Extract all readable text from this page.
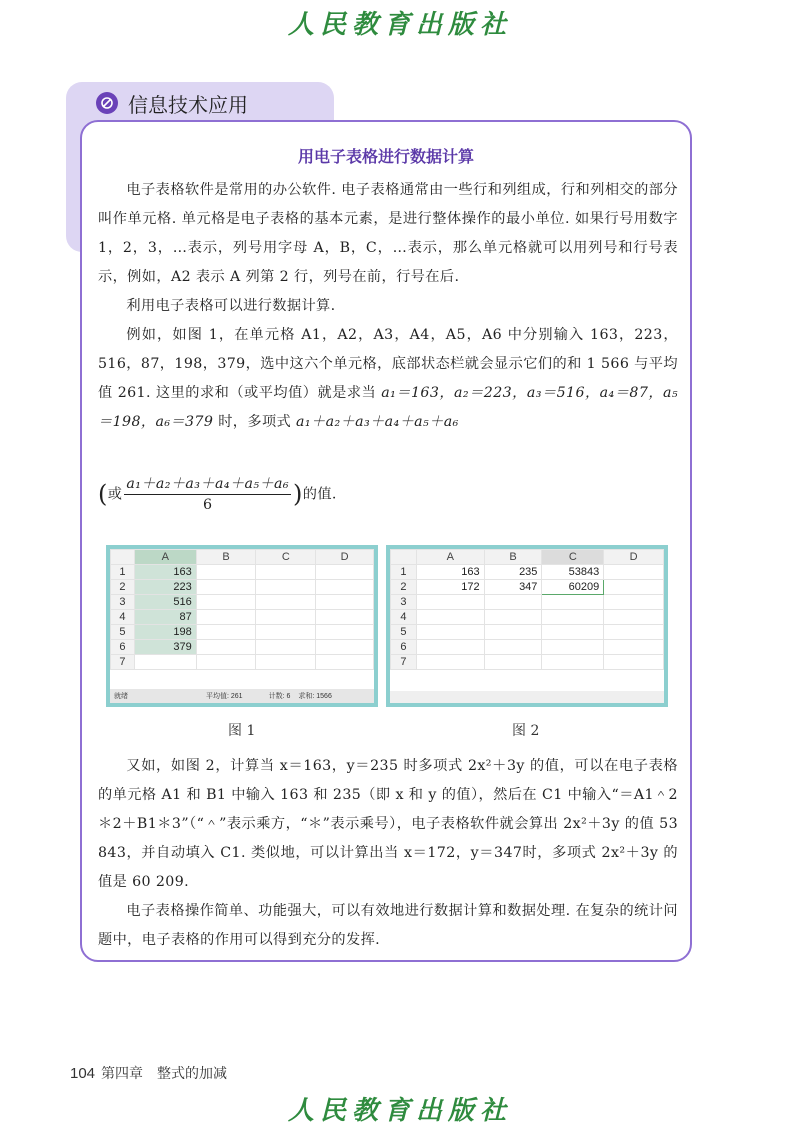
人民教育出版社
信息技术应用
用电子表格进行数据计算

电子表格软件是常用的办公软件. 电子表格通常由一些行和列组成，行和列相交的部分叫作单元格. 单元格是电子表格的基本元素，是进行整体操作的最小单位. 如果行号用数字 1，2，3，…表示，列号用字母 A，B，C，…表示，那么单元格就可以用列号和行号表示，例如，A2 表示 A 列第 2 行，列号在前，行号在后.

利用电子表格可以进行数据计算.

例如，如图 1，在单元格 A1，A2，A3，A4，A5，A6 中分别输入 163，223，516，87，198，379，选中这六个单元格，底部状态栏就会显示它们的和 1 566 与平均值 261. 这里的求和（或平均值）就是求当 a₁＝163，a₂＝223，a₃＝516，a₄＝87，a₅＝198，a₆＝379 时，多项式 a₁＋a₂＋a₃＋a₄＋a₅＋a₆

(或 $\frac{\text{a₁＋a₂＋a₃＋a₄＋a₅＋a₆}}{6}$ )的值.
	A	B	C	D
1	163			
2	223			
3	516			
4	87			
5	198			
6	379			
7				
就绪	平均值: 261	计数: 6 求和: 1566
图 1
	A	B	C	D
1	163	235	53843	
2	172	347	60209	
3				
4				
5				
6				
7				
图 2

又如，如图 2，计算当 x＝163，y＝235 时多项式 2x²＋3y 的值，可以在电子表格的单元格 A1 和 B1 中输入 163 和 235（即 x 和 y 的值），然后在 C1 中输入“＝A1＾2 ＊2＋B1＊3”（“＾”表示乘方，“＊”表示乘号），电子表格软件就会算出 2x²＋3y 的值 53 843，并自动填入 C1. 类似地，可以计算出当 x＝172，y＝347时，多项式 2x²＋3y 的值是 60 209.

电子表格操作简单、功能强大，可以有效地进行数据计算和数据处理. 在复杂的统计问题中，电子表格的作用可以得到充分的发挥.

104 第四章　整式的加减
人民教育出版社
